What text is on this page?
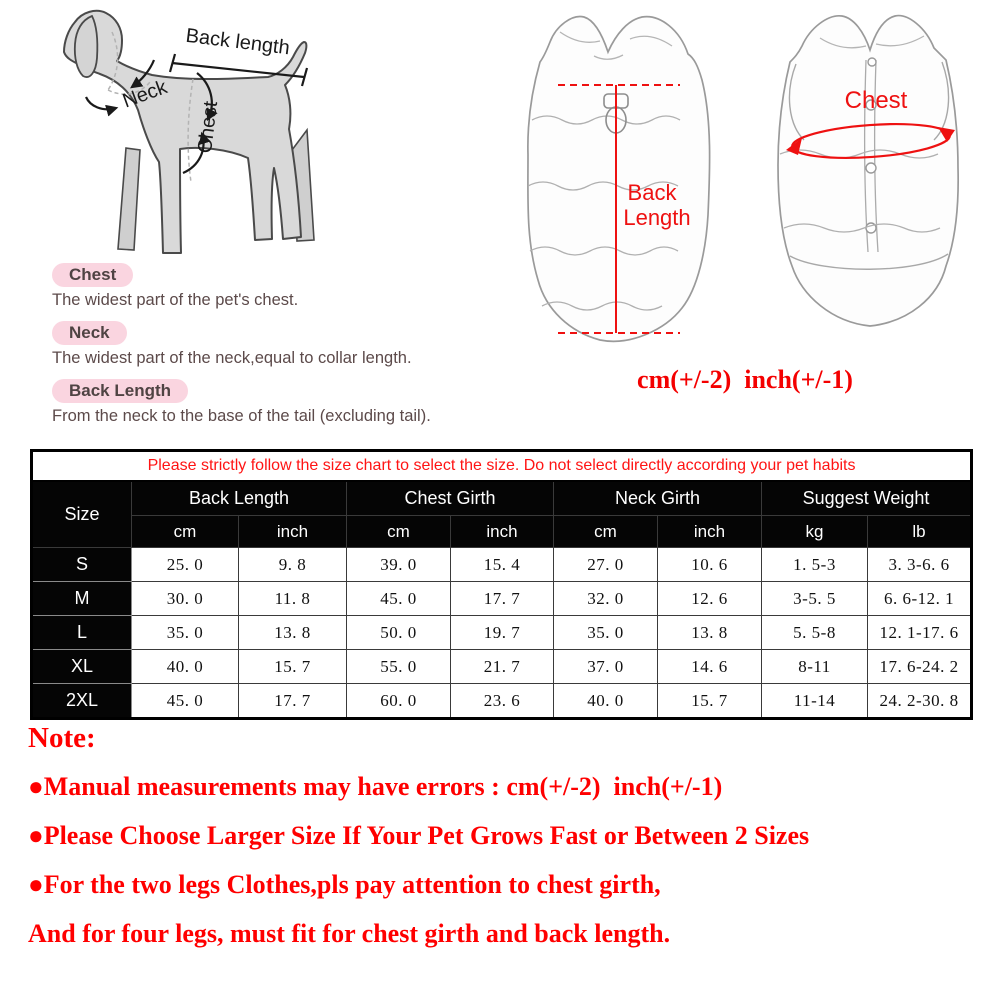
Back length
Neck
Chest
Chest
The widest part of the pet's chest.
Neck
The widest part of the neck,equal to collar length.
Back Length
From the neck to the base of the tail (excluding tail).
Back
Length
Chest
cm(+/-2)  inch(+/-1)
Please strictly follow the size chart to select the size. Do not select directly according your pet habits								
Size	Back Length		Chest Girth		Neck Girth		Suggest Weight	
	cm	inch	cm	inch	cm	inch	kg	lb
S	25. 0	9. 8	39. 0	15. 4	27. 0	10. 6	1. 5-3	3. 3-6. 6
M	30. 0	11. 8	45. 0	17. 7	32. 0	12. 6	3-5. 5	6. 6-12. 1
L	35. 0	13. 8	50. 0	19. 7	35. 0	13. 8	5. 5-8	12. 1-17. 6
XL	40. 0	15. 7	55. 0	21. 7	37. 0	14. 6	8-11	17. 6-24. 2
2XL	45. 0	17. 7	60. 0	23. 6	40. 0	15. 7	11-14	24. 2-30. 8
Note:
●Manual measurements may have errors : cm(+/-2)  inch(+/-1)
●Please Choose Larger Size If Your Pet Grows Fast or Between 2 Sizes
●For the two legs Clothes,pls pay attention to chest girth,
And for four legs, must fit for chest girth and back length.
